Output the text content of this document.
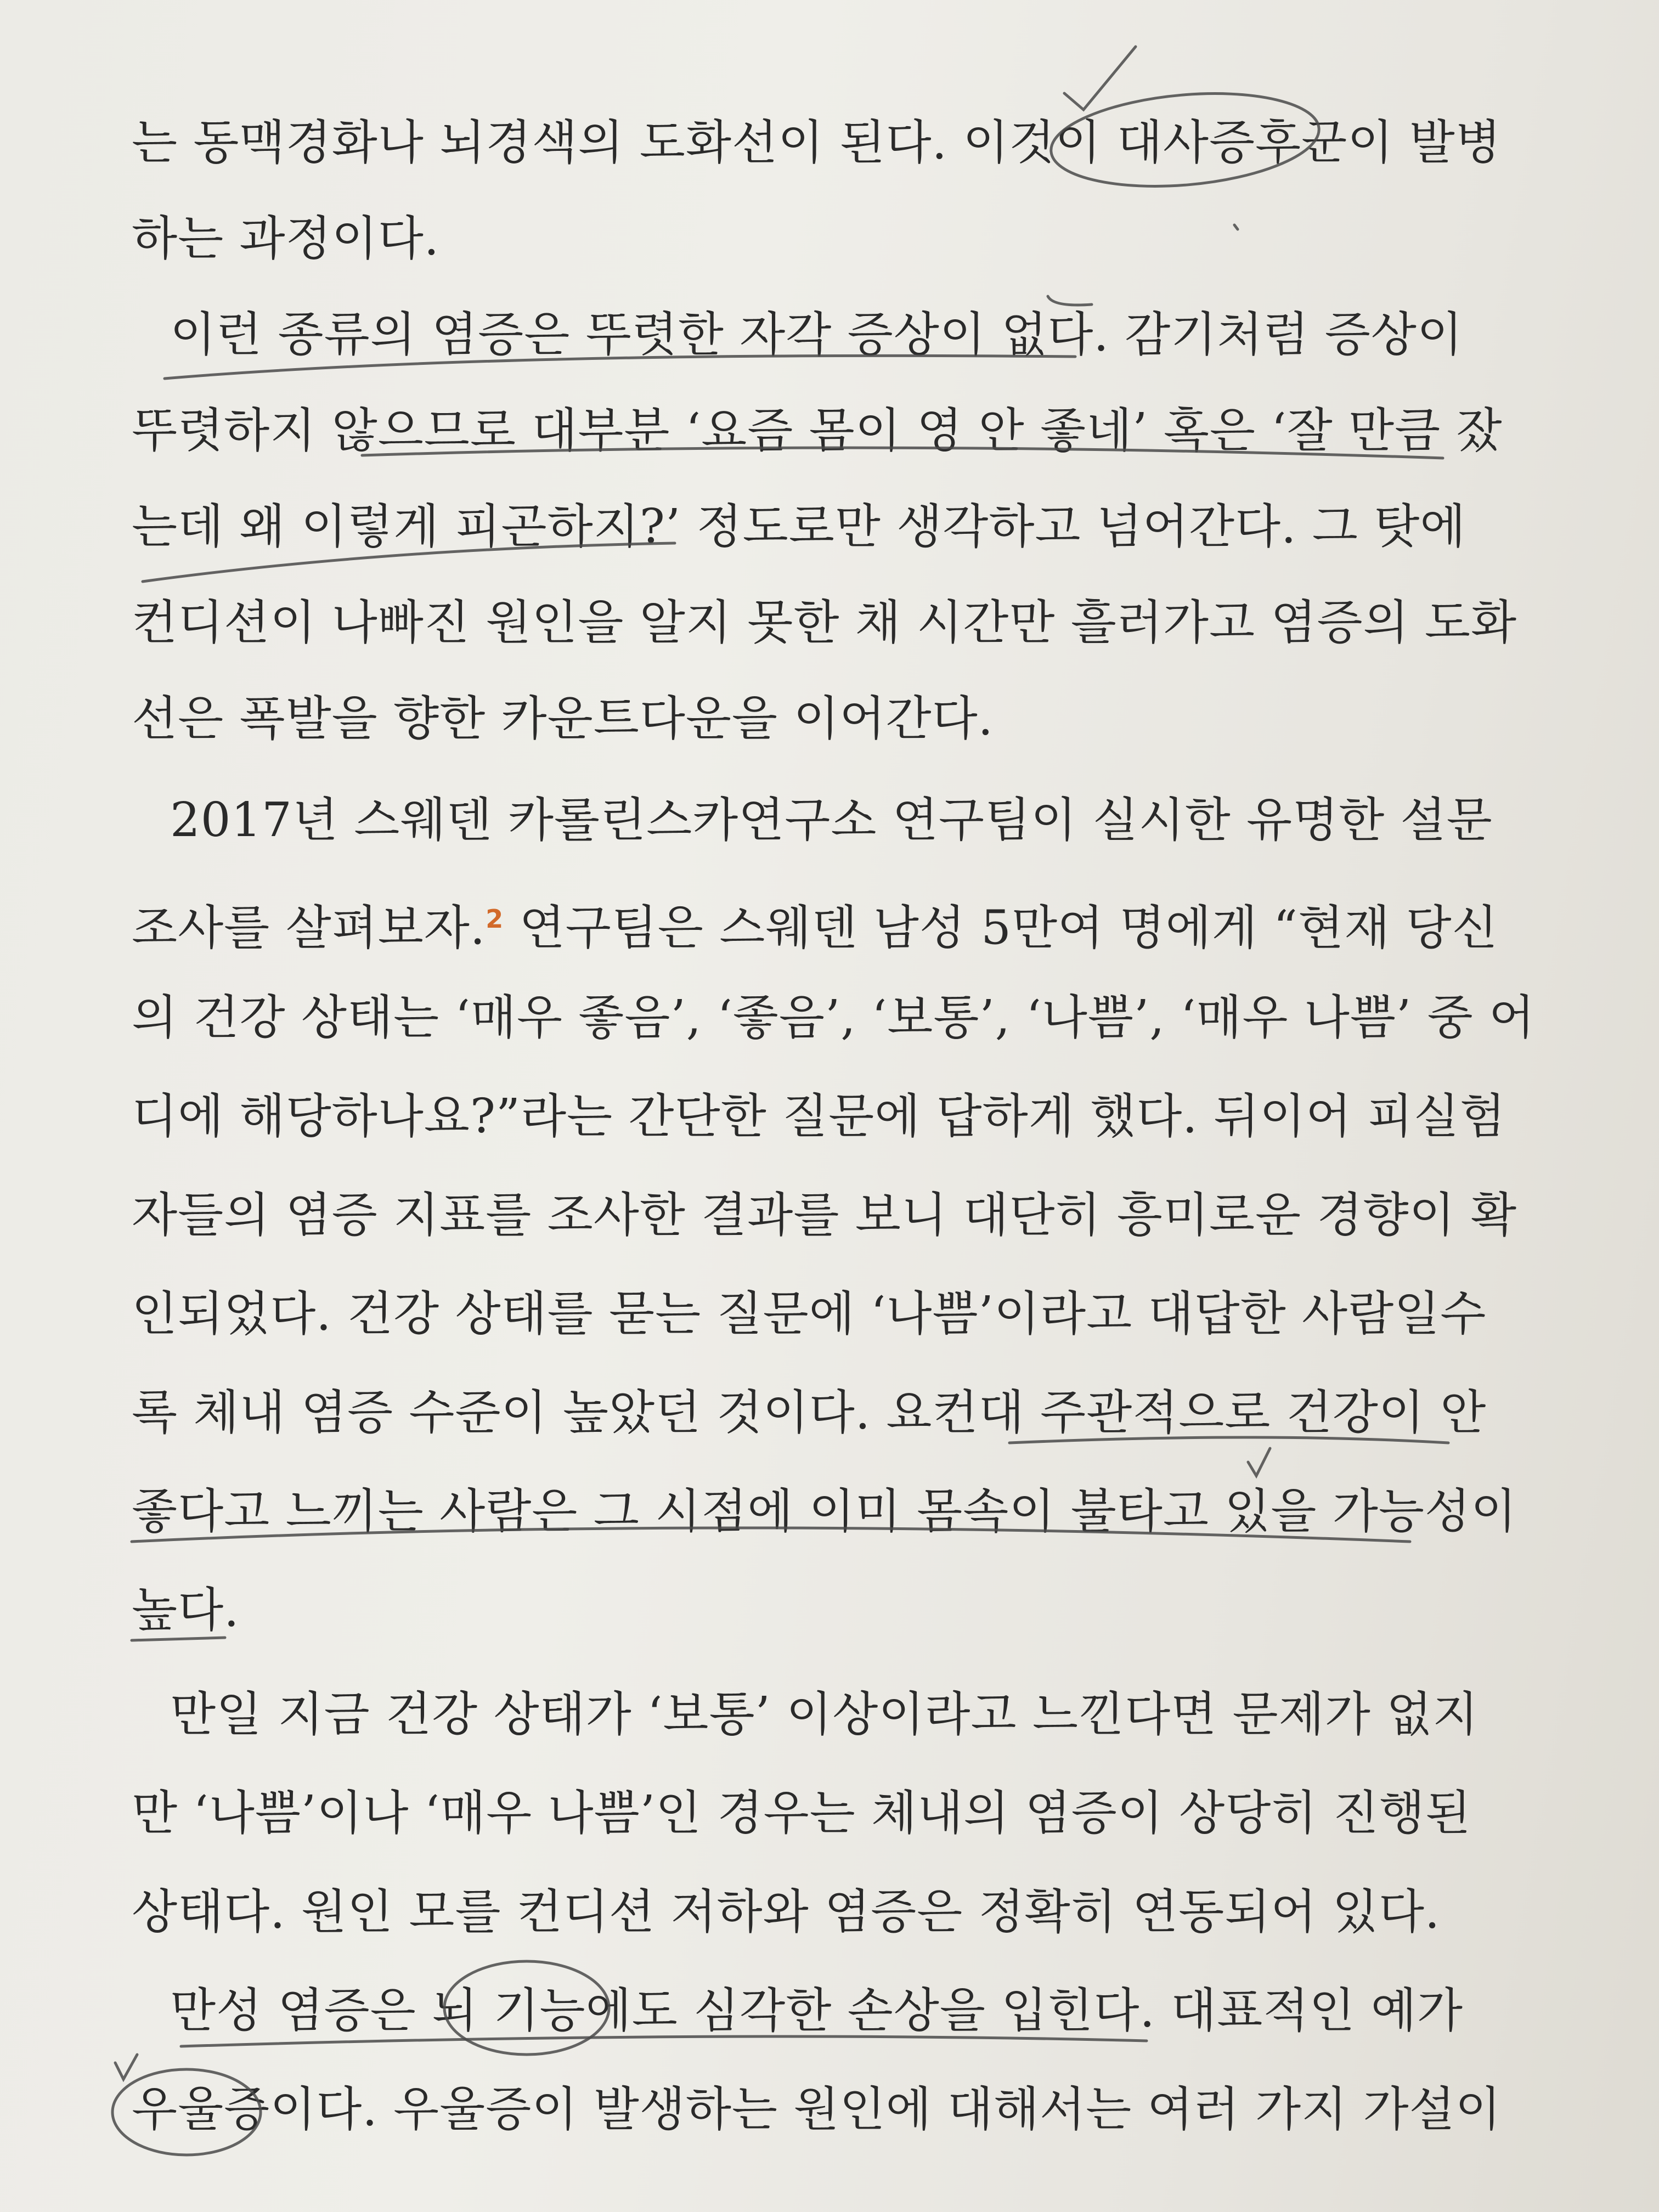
는 동맥경화나 뇌경색의 도화선이 된다. 이것이 대사증후군이 발병
하는 과정이다.
이런 종류의 염증은 뚜렷한 자각 증상이 없다. 감기처럼 증상이
뚜렷하지 않으므로 대부분 ‘요즘 몸이 영 안 좋네’ 혹은 ‘잘 만큼 잤
는데 왜 이렇게 피곤하지?’ 정도로만 생각하고 넘어간다. 그 탓에
컨디션이 나빠진 원인을 알지 못한 채 시간만 흘러가고 염증의 도화
선은 폭발을 향한 카운트다운을 이어간다.
2017년 스웨덴 카롤린스카연구소 연구팀이 실시한 유명한 설문
조사를 살펴보자.$^2$ 연구팀은 스웨덴 남성 5만여 명에게 “현재 당신
의 건강 상태는 ‘매우 좋음’, ‘좋음’, ‘보통’, ‘나쁨’, ‘매우 나쁨’ 중 어
디에 해당하나요?”라는 간단한 질문에 답하게 했다. 뒤이어 피실험
자들의 염증 지표를 조사한 결과를 보니 대단히 흥미로운 경향이 확
인되었다. 건강 상태를 묻는 질문에 ‘나쁨’이라고 대답한 사람일수
록 체내 염증 수준이 높았던 것이다. 요컨대 주관적으로 건강이 안
좋다고 느끼는 사람은 그 시점에 이미 몸속이 불타고 있을 가능성이
높다.
만일 지금 건강 상태가 ‘보통’ 이상이라고 느낀다면 문제가 없지
만 ‘나쁨’이나 ‘매우 나쁨’인 경우는 체내의 염증이 상당히 진행된
상태다. 원인 모를 컨디션 저하와 염증은 정확히 연동되어 있다.
만성 염증은 뇌 기능에도 심각한 손상을 입힌다. 대표적인 예가
우울증이다. 우울증이 발생하는 원인에 대해서는 여러 가지 가설이
